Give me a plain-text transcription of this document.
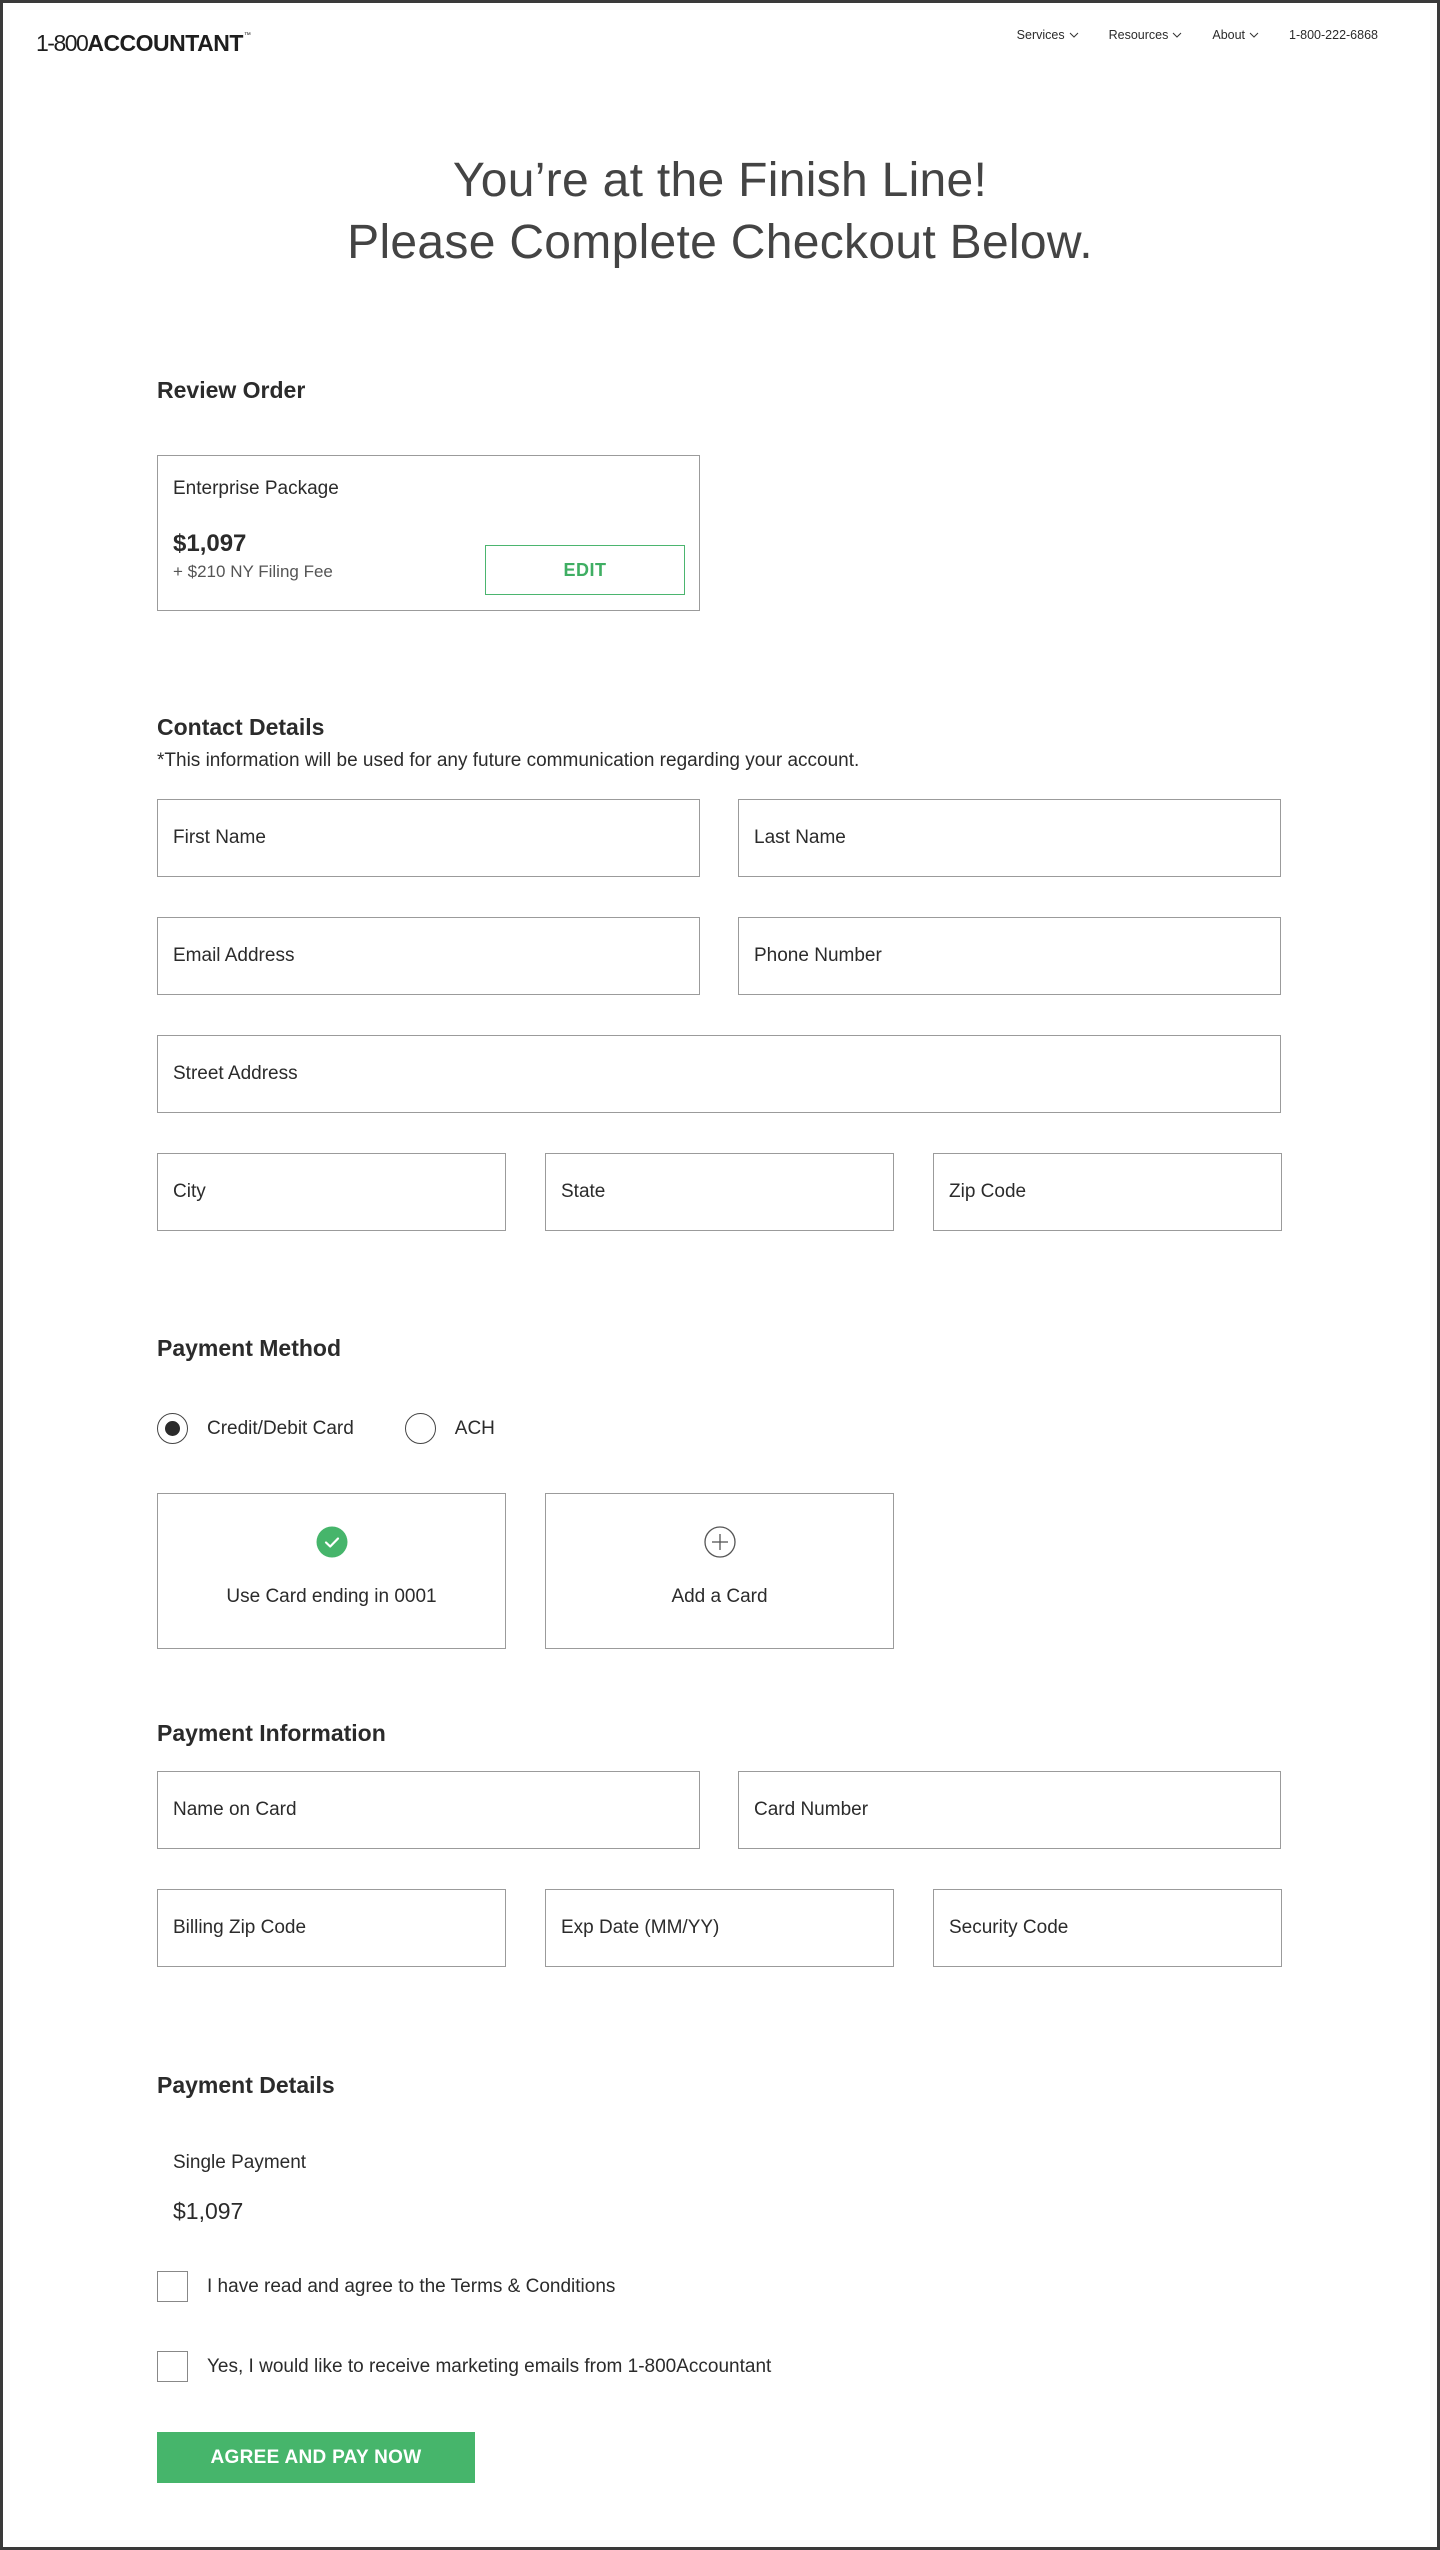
1-800 ACCOUNTANT ™	Services	Resources	About	1-800-222-6868
You’re at the Finish Line!
Please Complete Checkout Below.
Review Order
Enterprise Package
$1,097
+ $210 NY Filing Fee	EDIT
Contact Details
*This information will be used for any future communication regarding your account.
First Name
Last Name
Email Address
Phone Number
Street Address
City
State
Zip Code
Payment Method
Credit/Debit Card	ACH
Use Card ending in 0001	Add a Card
Payment Information
Name on Card
Card Number
Billing Zip Code
Exp Date (MM/YY)
Security Code
Payment Details
Single Payment
$1,097
I have read and agree to the Terms & Conditions
Yes, I would like to receive marketing emails from 1-800Accountant
AGREE AND PAY NOW
